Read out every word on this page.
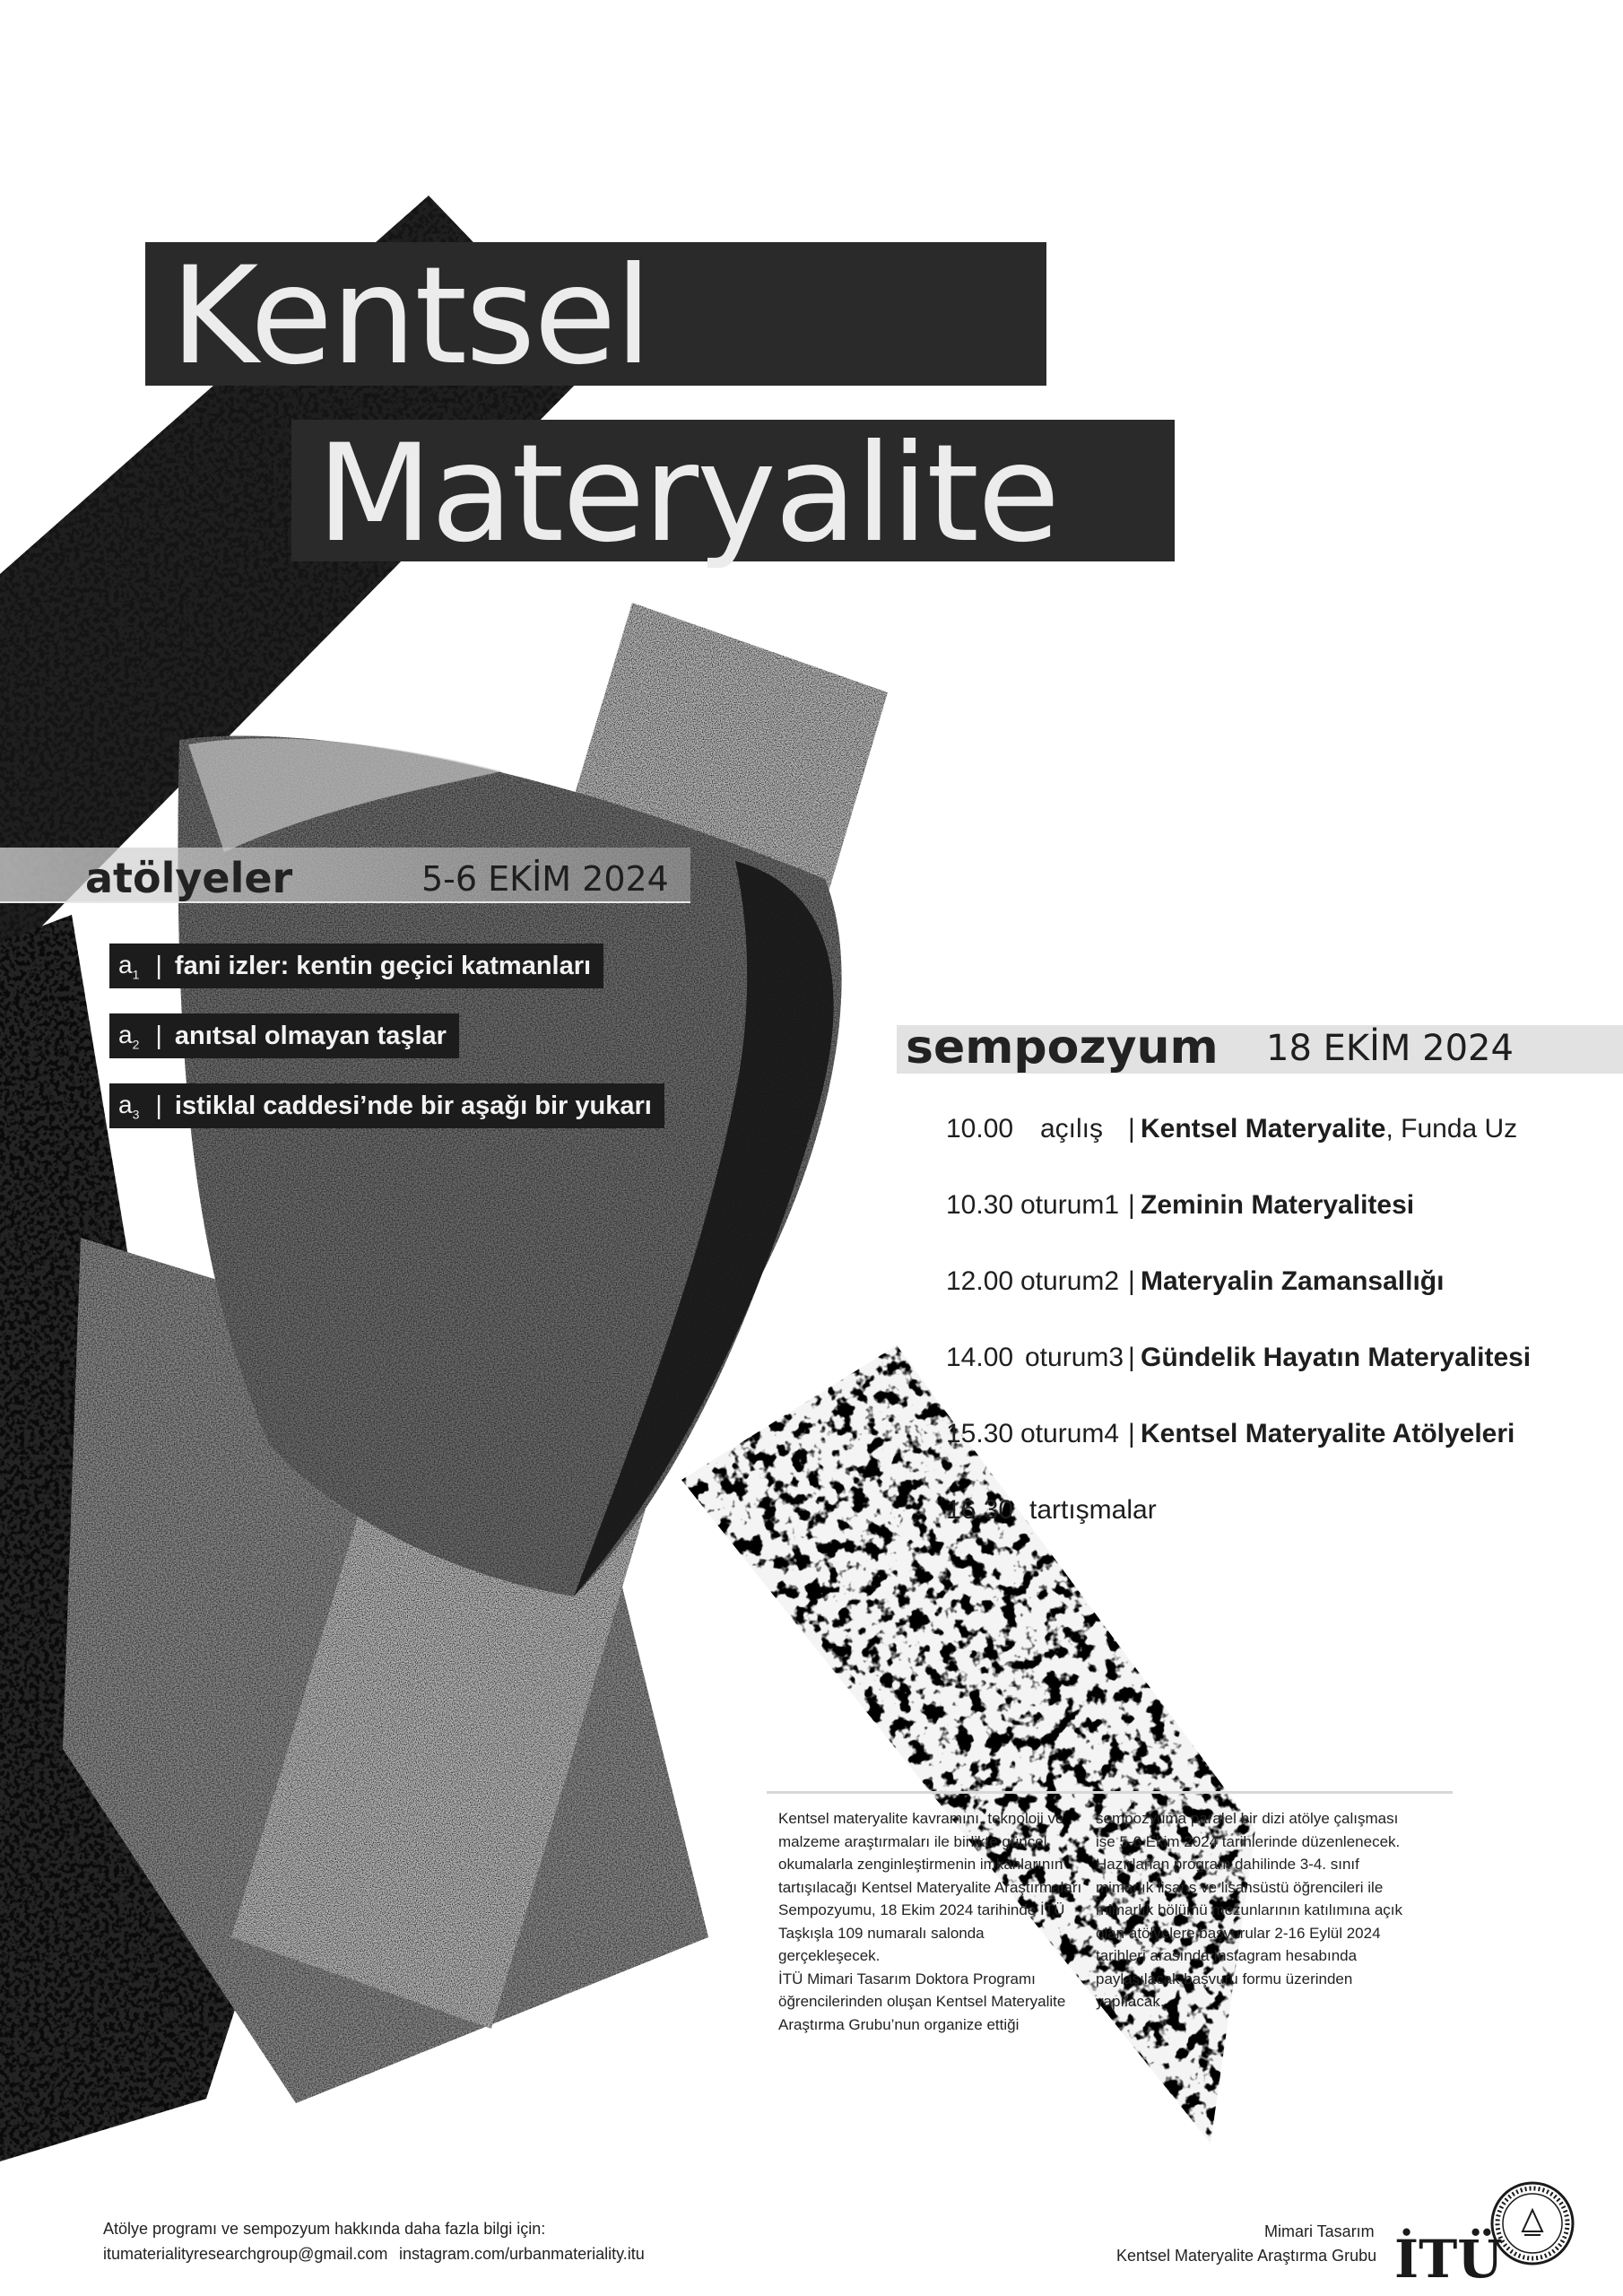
Kentsel
Materyalite
atölyeler	5-6 EKİM 2024
$a_1$ | fani izler: kentin geçici katmanları
$a_2$ | anıtsal olmayan taşlar
$a_3$ | istiklal caddesi’nde bir aşağı bir yukarı
sempozyum 18 EKİM 2024
10.00 açılış | Kentsel Materyalite, Funda Uz
10.30 oturum1 | Zeminin Materyalitesi
12.00 oturum2 | Materyalin Zamansallığı
14.00 oturum3 | Gündelik Hayatın Materyalitesi
15.30 oturum4 | Kentsel Materyalite Atölyeleri
16.30 tartışmalar
Kentsel materyalite kavramını, teknoloji ve
malzeme araştırmaları ile birlikte güncel
okumalarla zenginleştirmenin imkanlarının
tartışılacağı Kentsel Materyalite Araştırmaları
Sempozyumu, 18 Ekim 2024 tarihinde İTÜ
Taşkışla 109 numaralı salonda gerçekleşecek.
İTÜ Mimari Tasarım Doktora Programı
öğrencilerinden oluşan Kentsel Materyalite
Araştırma Grubu’nun organize ettiği
sempozyuma paralel bir dizi atölye çalışması
ise 5-6 Ekim 2024 tarihlerinde düzenlenecek.
Hazırlanan program dahilinde 3-4. sınıf
mimarlık lisans ve lisansüstü öğrencileri ile
mimarlık bölümü mezunlarının katılımına açık
olan atölyelere başvurular 2-16 Eylül 2024
tarihleri arasında Instagram hesabında
paylaşılacak başvuru formu üzerinden
yapılacak.
Atölye programı ve sempozyum hakkında daha fazla bilgi için:
itumaterialityresearchgroup@gmail.com instagram.com/urbanmateriality.itu
Mimari Tasarım
Kentsel Materyalite Araştırma Grubu İTÜ
